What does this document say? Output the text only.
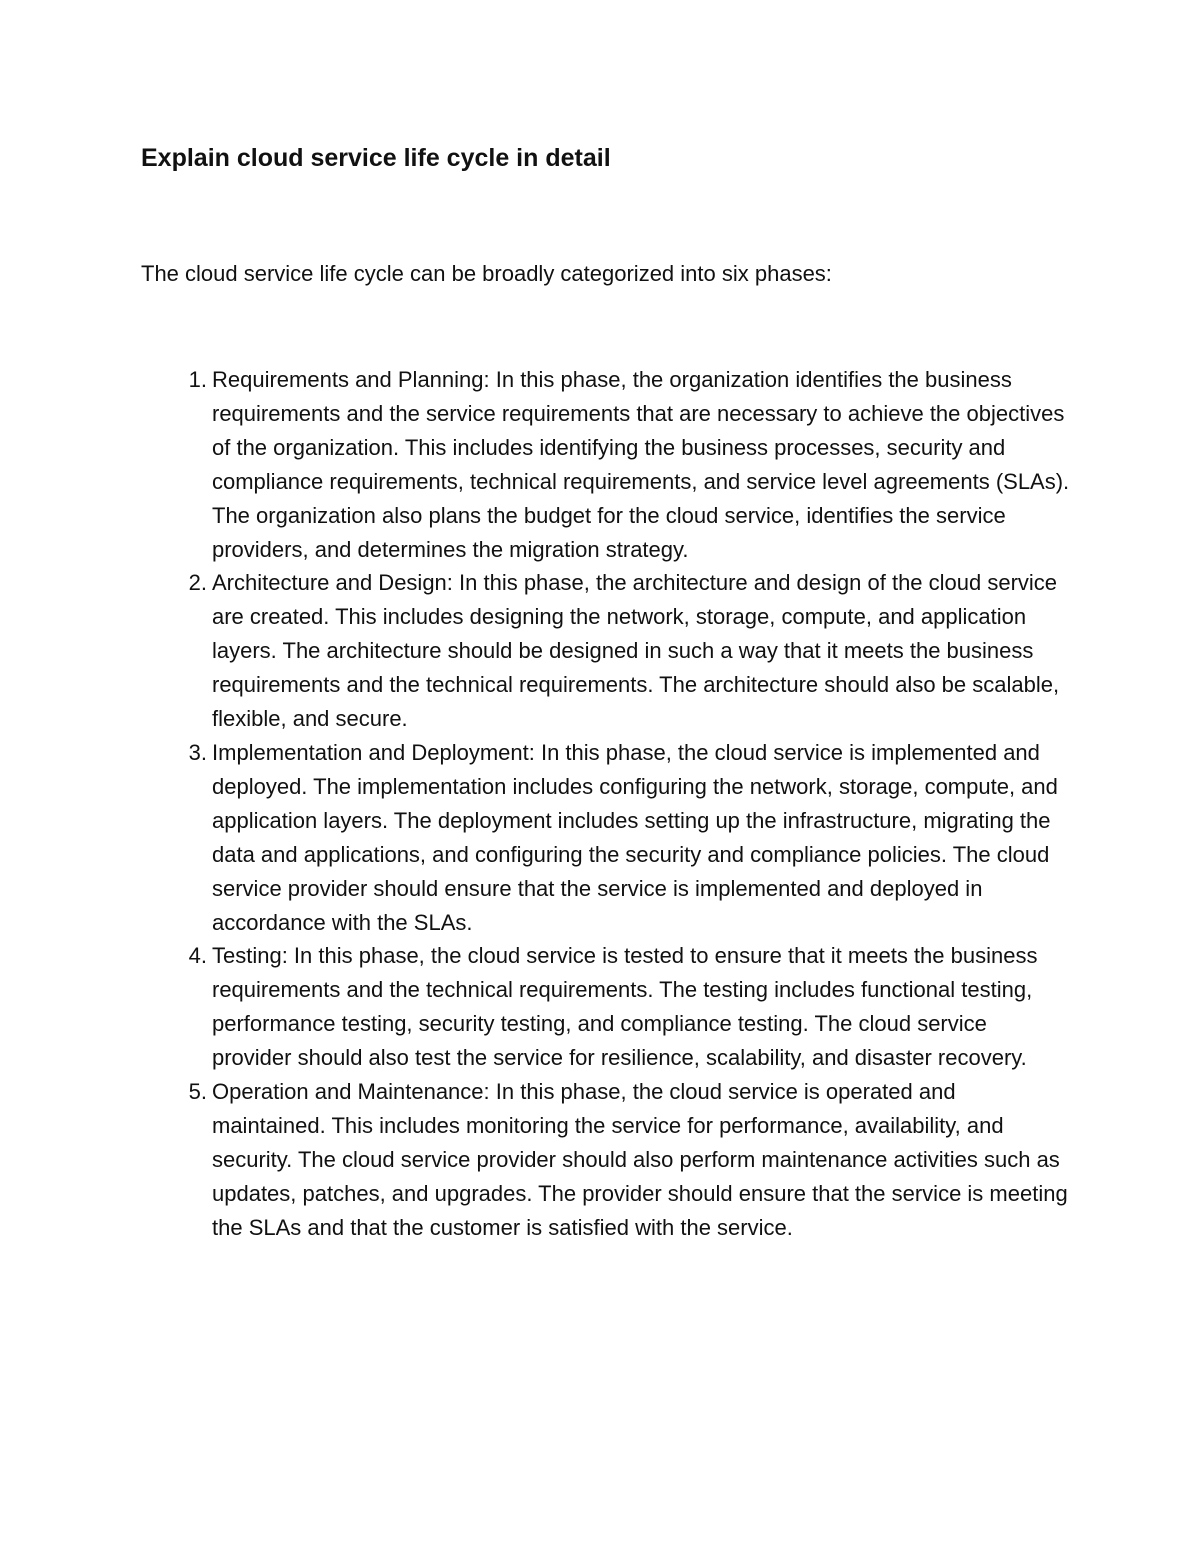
Explain cloud service life cycle in detail

The cloud service life cycle can be broadly categorized into six phases:

1. Requirements and Planning: In this phase, the organization identifies the business requirements and the service requirements that are necessary to achieve the objectives of the organization. This includes identifying the business processes, security and compliance requirements, technical requirements, and service level agreements (SLAs). The organization also plans the budget for the cloud service, identifies the service providers, and determines the migration strategy.
2. Architecture and Design: In this phase, the architecture and design of the cloud service are created. This includes designing the network, storage, compute, and application layers. The architecture should be designed in such a way that it meets the business requirements and the technical requirements. The architecture should also be scalable, flexible, and secure.
3. Implementation and Deployment: In this phase, the cloud service is implemented and deployed. The implementation includes configuring the network, storage, compute, and application layers. The deployment includes setting up the infrastructure, migrating the data and applications, and configuring the security and compliance policies. The cloud service provider should ensure that the service is implemented and deployed in accordance with the SLAs.
4. Testing: In this phase, the cloud service is tested to ensure that it meets the business requirements and the technical requirements. The testing includes functional testing, performance testing, security testing, and compliance testing. The cloud service provider should also test the service for resilience, scalability, and disaster recovery.
5. Operation and Maintenance: In this phase, the cloud service is operated and maintained. This includes monitoring the service for performance, availability, and security. The cloud service provider should also perform maintenance activities such as updates, patches, and upgrades. The provider should ensure that the service is meeting the SLAs and that the customer is satisfied with the service.
